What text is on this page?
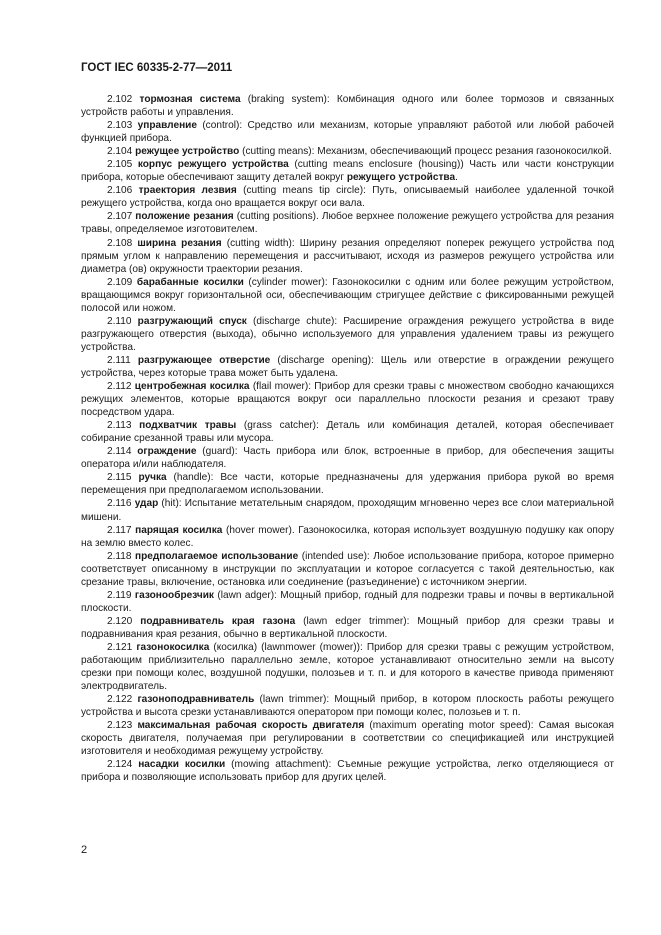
ГОСТ IEC 60335-2-77—2011

2.102 тормозная система (braking system): Комбинация одного или более тормозов и связанных устройств работы и управления.

2.103 управление (control): Средство или механизм, которые управляют работой или любой рабочей функцией прибора.

2.104 режущее устройство (cutting means): Механизм, обеспечивающий процесс резания газонокосилкой.

2.105 корпус режущего устройства (cutting means enclosure (housing)) Часть или части конструкции прибора, которые обеспечивают защиту деталей вокруг режущего устройства.

2.106 траектория лезвия (cutting means tip circle): Путь, описываемый наиболее удаленной точкой режущего устройства, когда оно вращается вокруг оси вала.

2.107 положение резания (cutting positions). Любое верхнее положение режущего устройства для резания травы, определяемое изготовителем.

2.108 ширина резания (cutting width): Ширину резания определяют поперек режущего устройства под прямым углом к направлению перемещения и рассчитывают, исходя из размеров режущего устройства или диаметра (ов) окружности траектории резания.

2.109 барабанные косилки (cylinder mower): Газонокосилки с одним или более режущим устройством, вращающимся вокруг горизонтальной оси, обеспечивающим стригущее действие с фиксированными режущей полосой или ножом.

2.110 разгружающий спуск (discharge chute): Расширение ограждения режущего устройства в виде разгружающего отверстия (выхода), обычно используемого для управления удалением травы из режущего устройства.

2.111 разгружающее отверстие (discharge opening): Щель или отверстие в ограждении режущего устройства, через которые трава может быть удалена.

2.112 центробежная косилка (flail mower): Прибор для срезки травы с множеством свободно качающихся режущих элементов, которые вращаются вокруг оси параллельно плоскости резания и срезают траву посредством удара.

2.113 подхватчик травы (grass catcher): Деталь или комбинация деталей, которая обеспечивает собирание срезанной травы или мусора.

2.114 ограждение (guard): Часть прибора или блок, встроенные в прибор, для обеспечения защиты оператора и/или наблюдателя.

2.115 ручка (handle): Все части, которые предназначены для удержания прибора рукой во время перемещения при предполагаемом использовании.

2.116 удар (hit): Испытание метательным снарядом, проходящим мгновенно через все слои материальной мишени.

2.117 парящая косилка (hover mower). Газонокосилка, которая использует воздушную подушку как опору на землю вместо колес.

2.118 предполагаемое использование (intended use): Любое использование прибора, которое примерно соответствует описанному в инструкции по эксплуатации и которое согласуется с такой деятельностью, как срезание травы, включение, остановка или соединение (разъединение) с источником энергии.

2.119 газонообрезчик (lawn adger): Мощный прибор, годный для подрезки травы и почвы в вертикальной плоскости.

2.120 подравниватель края газона (lawn edger trimmer): Мощный прибор для срезки травы и подравнивания края резания, обычно в вертикальной плоскости.

2.121 газонокосилка (косилка) (lawnmower (mower)): Прибор для срезки травы с режущим устройством, работающим приблизительно параллельно земле, которое устанавливают относительно земли на высоту срезки при помощи колес, воздушной подушки, полозьев и т. п. и для которого в качестве привода применяют электродвигатель.

2.122 газоноподравниватель (lawn trimmer): Мощный прибор, в котором плоскость работы режущего устройства и высота срезки устанавливаются оператором при помощи колес, полозьев и т. п.

2.123 максимальная рабочая скорость двигателя (maximum operating motor speed): Самая высокая скорость двигателя, получаемая при регулировании в соответствии со спецификацией или инструкцией изготовителя и необходимая режущему устройству.

2.124 насадки косилки (mowing attachment): Съемные режущие устройства, легко отделяющиеся от прибора и позволяющие использовать прибор для других целей.

2
